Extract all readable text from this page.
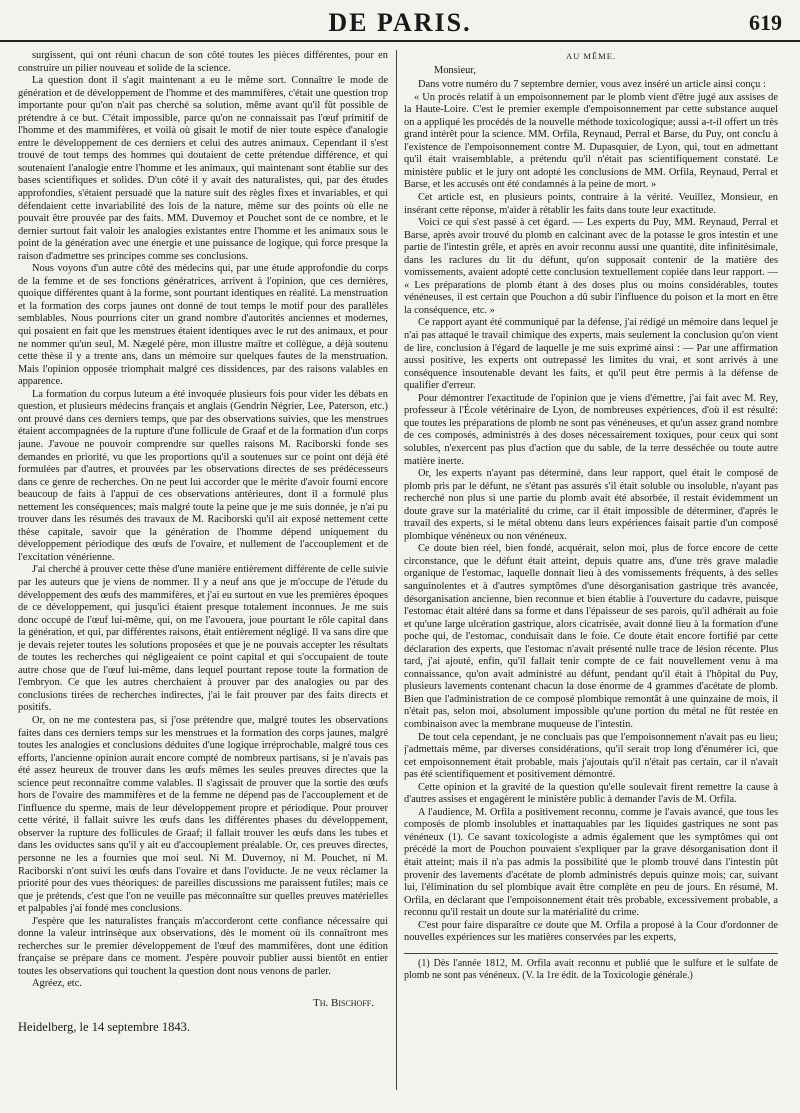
DE PARIS.	619

surgissent, qui ont réuni chacun de son côté toutes les pièces différentes, pour en construire un pilier nouveau et solide de la science.

La question dont il s'agit maintenant a eu le même sort. Connaître le mode de génération et de développement de l'homme et des mammifères, c'était une question trop importante pour qu'on n'ait pas cherché sa solution, même avant qu'il fût possible de prétendre à ce but. C'était impossible, parce qu'on ne connaissait pas l'œuf primitif de l'homme et des mammifères, et voilà où gisait le motif de nier toute espèce d'analogie entre le développement de ces derniers et celui des autres animaux. Cependant il s'est trouvé de tout temps des hommes qui doutaient de cette prétendue différence, et qui soutenaient l'analogie entre l'homme et les animaux, qui maintenant sont établie sur des bases scientifiques et solides. D'un côté il y avait des naturalistes, qui, par des études approfondies, s'étaient persuadé que la nature suit des règles fixes et invariables, et qui défendaient cette invariabilité des lois de la nature, même sur des points où elle ne pouvait être prouvée par des faits. MM. Duvernoy et Pouchet sont de ce nombre, et le dernier surtout fait valoir les analogies existantes entre l'homme et les animaux sous le point de la génération avec une énergie et une puissance de logique, qui force presque la raison d'admettre ses principes comme ses conclusions.

Nous voyons d'un autre côté des médecins qui, par une étude approfondie du corps de la femme et de ses fonctions génératrices, arrivent à l'opinion, que ces dernières, quoique différentes quant à la forme, sont pourtant identiques en réalité. La menstruation et la formation des corps jaunes ont donné de tout temps le motif pour des parallèles semblables. Nous pourrions citer un grand nombre d'autorités anciennes et modernes, qui posaient en fait que les menstrues étaient identiques avec le rut des animaux, et pour ne nommer qu'un seul, M. Nægelé père, mon illustre maître et collègue, a déjà soutenu cette thèse il y a trente ans, dans un mémoire sur quelques fautes de la menstruation. Mais l'opinion opposée triomphait malgré ces dissidences, par des raisons valables en apparence.

La formation du corpus luteum a été invoquée plusieurs fois pour vider les débats en question, et plusieurs médecins français et anglais (Gendrin Négrier, Lee, Paterson, etc.) ont prouvé dans ces derniers temps, que par des observations suivies, que les menstrues étaient accompagnées de la rupture d'une follicule de Graaf et de la formation d'un corps jaune. J'avoue ne pouvoir comprendre sur quelles raisons M. Raciborski fonde ses demandes en priorité, vu que les proportions qu'il a soutenues sur ce point ont déjà été formulées par d'autres, et prouvées par les observations directes de ses prédécesseurs dans ce genre de recherches. On ne peut lui accorder que le mérite d'avoir fourni encore beaucoup de faits à l'appui de ces observations antérieures, dont il a formulé plus nettement les conséquences; mais malgré toute la peine que je me suis donnée, je n'ai pu trouver dans les résumés des travaux de M. Raciborski qu'il ait exposé nettement cette thèse capitale, savoir que la génération de l'homme dépend uniquement du développement périodique des œufs de l'ovaire, et nullement de l'accouplement et de l'excitation vénérienne.

J'ai cherché à prouver cette thèse d'une manière entièrement différente de celle suivie par les auteurs que je viens de nommer. Il y a neuf ans que je m'occupe de l'étude du développement des œufs des mammifères, et j'ai eu surtout en vue les premières époques de ce développement, qui jusqu'ici étaient presque totalement inconnues. Je me suis donc occupé de l'œuf lui-même, qui, on me l'avouera, joue pourtant le rôle capital dans la génération, et qui, par différentes raisons, était entièrement négligé. Il va sans dire que je devais rejeter toutes les solutions proposées et que je ne pouvais accepter les résultats de toutes les recherches qui négligeaient ce point capital et qui s'occupaient de toute autre chose que de l'œuf lui-même, dans lequel pourtant repose toute la formation de l'embryon. Ce que les autres cherchaient à prouver par des analogies ou par des conclusions tirées de recherches indirectes, j'ai le fait prouver par des faits directs et positifs.

Or, on ne me contestera pas, si j'ose prétendre que, malgré toutes les observations faites dans ces derniers temps sur les menstrues et la formation des corps jaunes, malgré toutes les analogies et conclusions déduites d'une logique irréprochable, malgré tous ces efforts, l'ancienne opinion aurait encore compté de nombreux partisans, si je n'avais pas été assez heureux de trouver dans les œufs mêmes les seules preuves directes que la science peut reconnaître comme valables. Il s'agissait de prouver que la sortie des œufs hors de l'ovaire des mammifères et de la femme ne dépend pas de l'accouplement et de l'influence du sperme, mais de leur développement propre et périodique. Pour prouver cette vérité, il fallait suivre les œufs dans les différentes phases du développement, observer la rupture des follicules de Graaf; il fallait trouver les œufs dans les tubes et dans les oviductes sans qu'il y ait eu d'accouplement préalable. Or, ces preuves directes, personne ne les a fournies que moi seul. Ni M. Duvernoy, ni M. Pouchet, ni M. Raciborski n'ont suivi les œufs dans l'ovaire et dans l'oviducte. Je ne veux réclamer la priorité pour des vues théoriques: de pareilles discussions me paraissent futiles; mais ce que je prétends, c'est que l'on ne veuille pas méconnaître sur quelles preuves matérielles et palpables j'ai fondé mes conclusions.

J'espère que les naturalistes français m'accorderont cette confiance nécessaire qui donne la valeur intrinsèque aux observations, dès le moment où ils connaîtront mes recherches sur le premier développement de l'œuf des mammifères, dont une édition française se prépare dans ce moment. J'espère pouvoir publier aussi bientôt en entier toutes les observations qui touchent la question dont nous venons de parler.

Agréez, etc.

Th. Bischoff.
Heidelberg, le 14 septembre 1843.
AU MÊME.
Monsieur,

Dans votre numéro du 7 septembre dernier, vous avez inséré un article ainsi conçu :

« Un procès relatif à un empoisonnement par le plomb vient d'être jugé aux assises de la Haute-Loire. C'est le premier exemple d'empoisonnement par cette substance auquel on a appliqué les procédés de la nouvelle méthode toxicologique; aussi a-t-il offert un très grand intérêt pour la science. MM. Orfila, Reynaud, Perral et Barse, du Puy, ont conclu à l'existence de l'empoisonnement contre M. Dupasquier, de Lyon, qui, tout en admettant qu'il était vraisemblable, a prétendu qu'il n'était pas scientifiquement constaté. Le ministère public et le jury ont adopté les conclusions de MM. Orfila, Reynaud, Perral et Barse, et les accusés ont été condamnés à la peine de mort. »

Cet article est, en plusieurs points, contraire à la vérité. Veuillez, Monsieur, en insérant cette réponse, m'aider à rétablir les faits dans toute leur exactitude.

Voici ce qui s'est passé à cet égard. — Les experts du Puy, MM. Reynaud, Perral et Barse, après avoir trouvé du plomb en calcinant avec de la potasse le gros intestin et une partie de l'intestin grêle, et après en avoir reconnu aussi une quantité, dite infinitésimale, dans les raclures du lit du défunt, qu'on supposait contenir de la matière des vomissements, avaient adopté cette conclusion textuellement copiée dans leur rapport. — « Les préparations de plomb étant à des doses plus ou moins considérables, toutes vénéneuses, il est certain que Pouchon a dû subir l'influence du poison et la mort en être la conséquence, etc. »

Ce rapport ayant été communiqué par la défense, j'ai rédigé un mémoire dans lequel je n'ai pas attaqué le travail chimique des experts, mais seulement la conclusion qu'on vient de lire, conclusion à l'égard de laquelle je me suis exprimé ainsi : — Par une affirmation aussi positive, les experts ont outrepassé les limites du vrai, et sont arrivés à une conséquence insoutenable devant les faits, et qu'il peut être permis à la défense de qualifier d'erreur.

Pour démontrer l'exactitude de l'opinion que je viens d'émettre, j'ai fait avec M. Rey, professeur à l'École vétérinaire de Lyon, de nombreuses expériences, d'où il est résulté: que toutes les préparations de plomb ne sont pas vénéneuses, et qu'un assez grand nombre de ces composés, administrés à des doses nécessairement toxiques, pour ceux qui sont solubles, n'exercent pas plus d'action que du sable, de la terre desséchée ou toute autre matière inerte.

Or, les experts n'ayant pas déterminé, dans leur rapport, quel était le composé de plomb pris par le défunt, ne s'étant pas assurés s'il était soluble ou insoluble, n'ayant pas recherché non plus si une partie du plomb avait été absorbée, il restait évidemment un doute grave sur la matérialité du crime, car il était impossible de déterminer, d'après le travail des experts, si le métal obtenu dans leurs expériences faisait partie d'un composé plombique vénéneux ou non vénéneux.

Ce doute bien réel, bien fondé, acquérait, selon moi, plus de force encore de cette circonstance, que le défunt était atteint, depuis quatre ans, d'une très grave maladie organique de l'estomac, laquelle donnait lieu à des vomissements fréquents, à des selles sanguinolentes et à d'autres symptômes d'une désorganisation gastrique très avancée, désorganisation ancienne, bien reconnue et bien établie à l'ouverture du cadavre, puisque l'estomac était altéré dans sa forme et dans l'épaisseur de ses parois, qu'il adhérait au foie et qu'une large ulcération gastrique, alors cicatrisée, avait donné lieu à la formation d'une poche qui, de l'estomac, conduisait dans le foie. Ce doute était encore fortifié par cette déclaration des experts, que l'estomac n'avait présenté nulle trace de lésion récente. Plus tard, j'ai ajouté, enfin, qu'il fallait tenir compte de ce fait nouvellement venu à ma connaissance, qu'on avait administré au défunt, pendant qu'il était à l'hôpital du Puy, plusieurs lavements contenant chacun la dose énorme de 4 grammes d'acétate de plomb. Bien que l'administration de ce composé plombique remontât à une quinzaine de mois, il n'était pas, selon moi, absolument impossible qu'une portion du métal ne fût restée en combinaison avec la membrane muqueuse de l'intestin.

De tout cela cependant, je ne concluais pas que l'empoisonnement n'avait pas eu lieu; j'admettais même, par diverses considérations, qu'il serait trop long d'énumérer ici, que cet empoisonnement était probable, mais j'ajoutais qu'il n'était pas certain, car il n'avait pas été scientifiquement et positivement démontré.

Cette opinion et la gravité de la question qu'elle soulevait firent remettre la cause à d'autres assises et engagèrent le ministère public à demander l'avis de M. Orfila.

A l'audience, M. Orfila a positivement reconnu, comme je l'avais avancé, que tous les composés de plomb insolubles et inattaquables par les liquides gastriques ne sont pas vénéneux (1). Ce savant toxicologiste a admis également que les symptômes qui ont précédé la mort de Pouchon pouvaient s'expliquer par la grave désorganisation dont il était atteint; mais il n'a pas admis la possibilité que le plomb trouvé dans l'intestin pût provenir des lavements d'acétate de plomb administrés depuis quinze mois; car, suivant lui, l'élimination du sel plombique avait être complète en peu de jours. En résumé, M. Orfila, en déclarant que l'empoisonnement était très probable, excessivement probable, a reconnu qu'il restait un doute sur la matérialité du crime.

C'est pour faire disparaître ce doute que M. Orfila a proposé à la Cour d'ordonner de nouvelles expériences sur les matières conservées par les experts,

(1) Dès l'année 1812, M. Orfila avait reconnu et publié que le sulfure et le sulfate de plomb ne sont pas vénéneux. (V. la 1re édit. de la Toxicologie générale.)
